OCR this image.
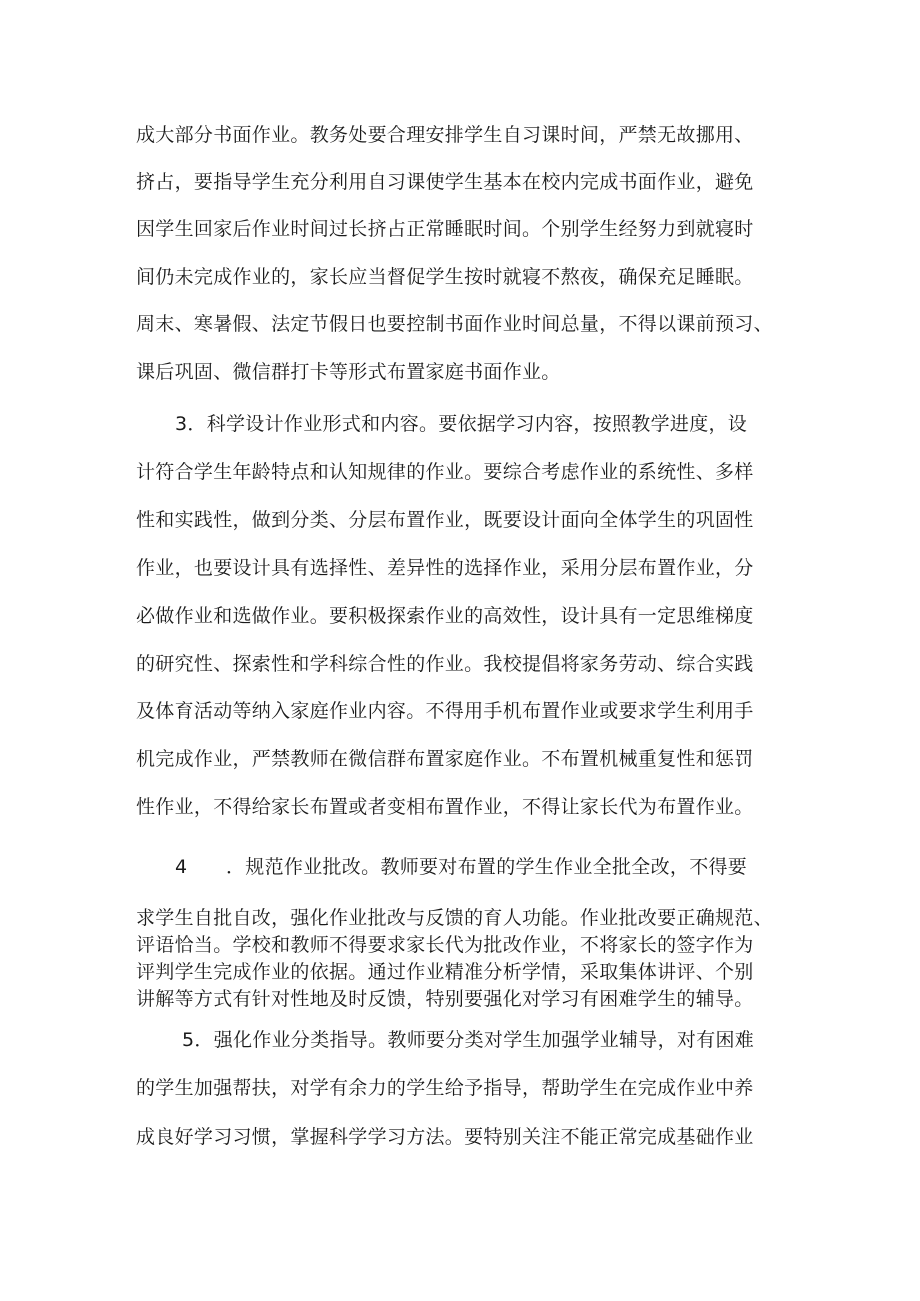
成大部分书面作业。教务处要合理安排学生自习课时间，严禁无故挪用、
挤占，要指导学生充分利用自习课使学生基本在校内完成书面作业，避免
因学生回家后作业时间过长挤占正常睡眠时间。个别学生经努力到就寝时
间仍未完成作业的，家长应当督促学生按时就寝不熬夜，确保充足睡眠。
周末、寒暑假、法定节假日也要控制书面作业时间总量，不得以课前预习、
课后巩固、微信群打卡等形式布置家庭书面作业。
3．科学设计作业形式和内容。要依据学习内容，按照教学进度，设
计符合学生年龄特点和认知规律的作业。要综合考虑作业的系统性、多样
性和实践性，做到分类、分层布置作业，既要设计面向全体学生的巩固性
作业，也要设计具有选择性、差异性的选择作业，采用分层布置作业，分
必做作业和选做作业。要积极探索作业的高效性，设计具有一定思维梯度
的研究性、探索性和学科综合性的作业。我校提倡将家务劳动、综合实践
及体育活动等纳入家庭作业内容。不得用手机布置作业或要求学生利用手
机完成作业，严禁教师在微信群布置家庭作业。不布置机械重复性和惩罚
性作业，不得给家长布置或者变相布置作业，不得让家长代为布置作业。
4　　．规范作业批改。教师要对布置的学生作业全批全改，不得要
求学生自批自改，强化作业批改与反馈的育人功能。作业批改要正确规范、
评语恰当。学校和教师不得要求家长代为批改作业，不将家长的签字作为
评判学生完成作业的依据。通过作业精准分析学情，采取集体讲评、个别
讲解等方式有针对性地及时反馈，特别要强化对学习有困难学生的辅导。
5．强化作业分类指导。教师要分类对学生加强学业辅导，对有困难
的学生加强帮扶，对学有余力的学生给予指导，帮助学生在完成作业中养
成良好学习习惯，掌握科学学习方法。要特别关注不能正常完成基础作业
